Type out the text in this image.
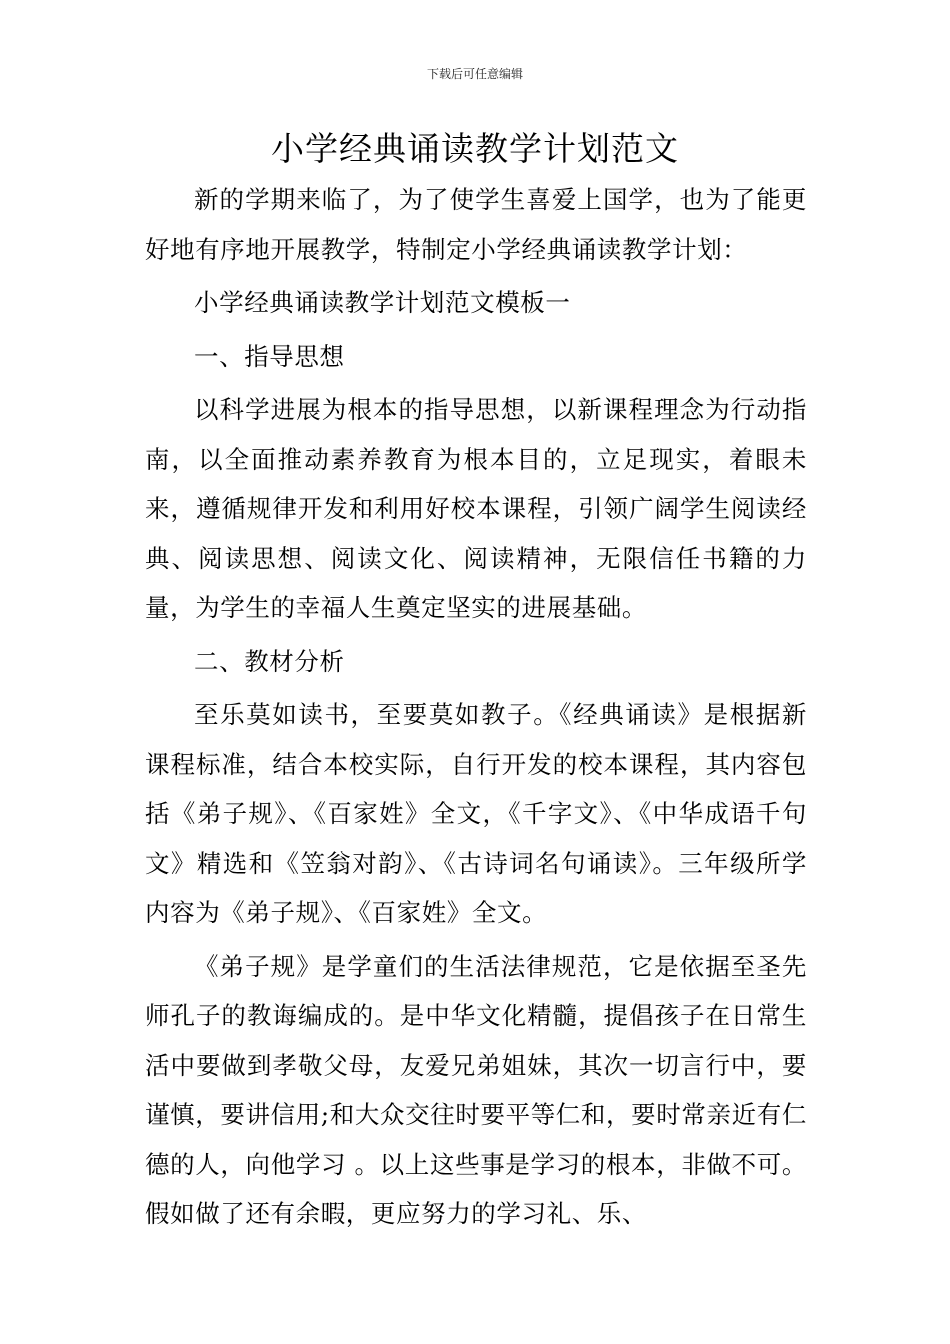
下载后可任意编辑
小学经典诵读教学计划范文

新的学期来临了，为了使学生喜爱上国学，也为了能更好地有序地开展教学，特制定小学经典诵读教学计划：

小学经典诵读教学计划范文模板一

一、指导思想

以科学进展为根本的指导思想，以新课程理念为行动指南，以全面推动素养教育为根本目的，立足现实，着眼未来，遵循规律开发和利用好校本课程，引领广阔学生阅读经典、阅读思想、阅读文化、阅读精神，无限信任书籍的力量，为学生的幸福人生奠定坚实的进展基础。

二、教材分析

至乐莫如读书，至要莫如教子。《经典诵读》是根据新课程标准，结合本校实际，自行开发的校本课程，其内容包括《弟子规》、《百家姓》全文，《千字文》、《中华成语千句文》精选和《笠翁对韵》、《古诗词名句诵读》。三年级所学内容为《弟子规》、《百家姓》全文。

《弟子规》是学童们的生活法律规范，它是依据至圣先师孔子的教诲编成的。是中华文化精髓，提倡孩子在日常生活中要做到孝敬父母，友爱兄弟姐妹，其次一切言行中，要谨慎，要讲信用;和大众交往时要平等仁和，要时常亲近有仁德的人，向他学习 。以上这些事是学习的根本，非做不可。假如做了还有余暇，更应努力的学习礼、乐、
